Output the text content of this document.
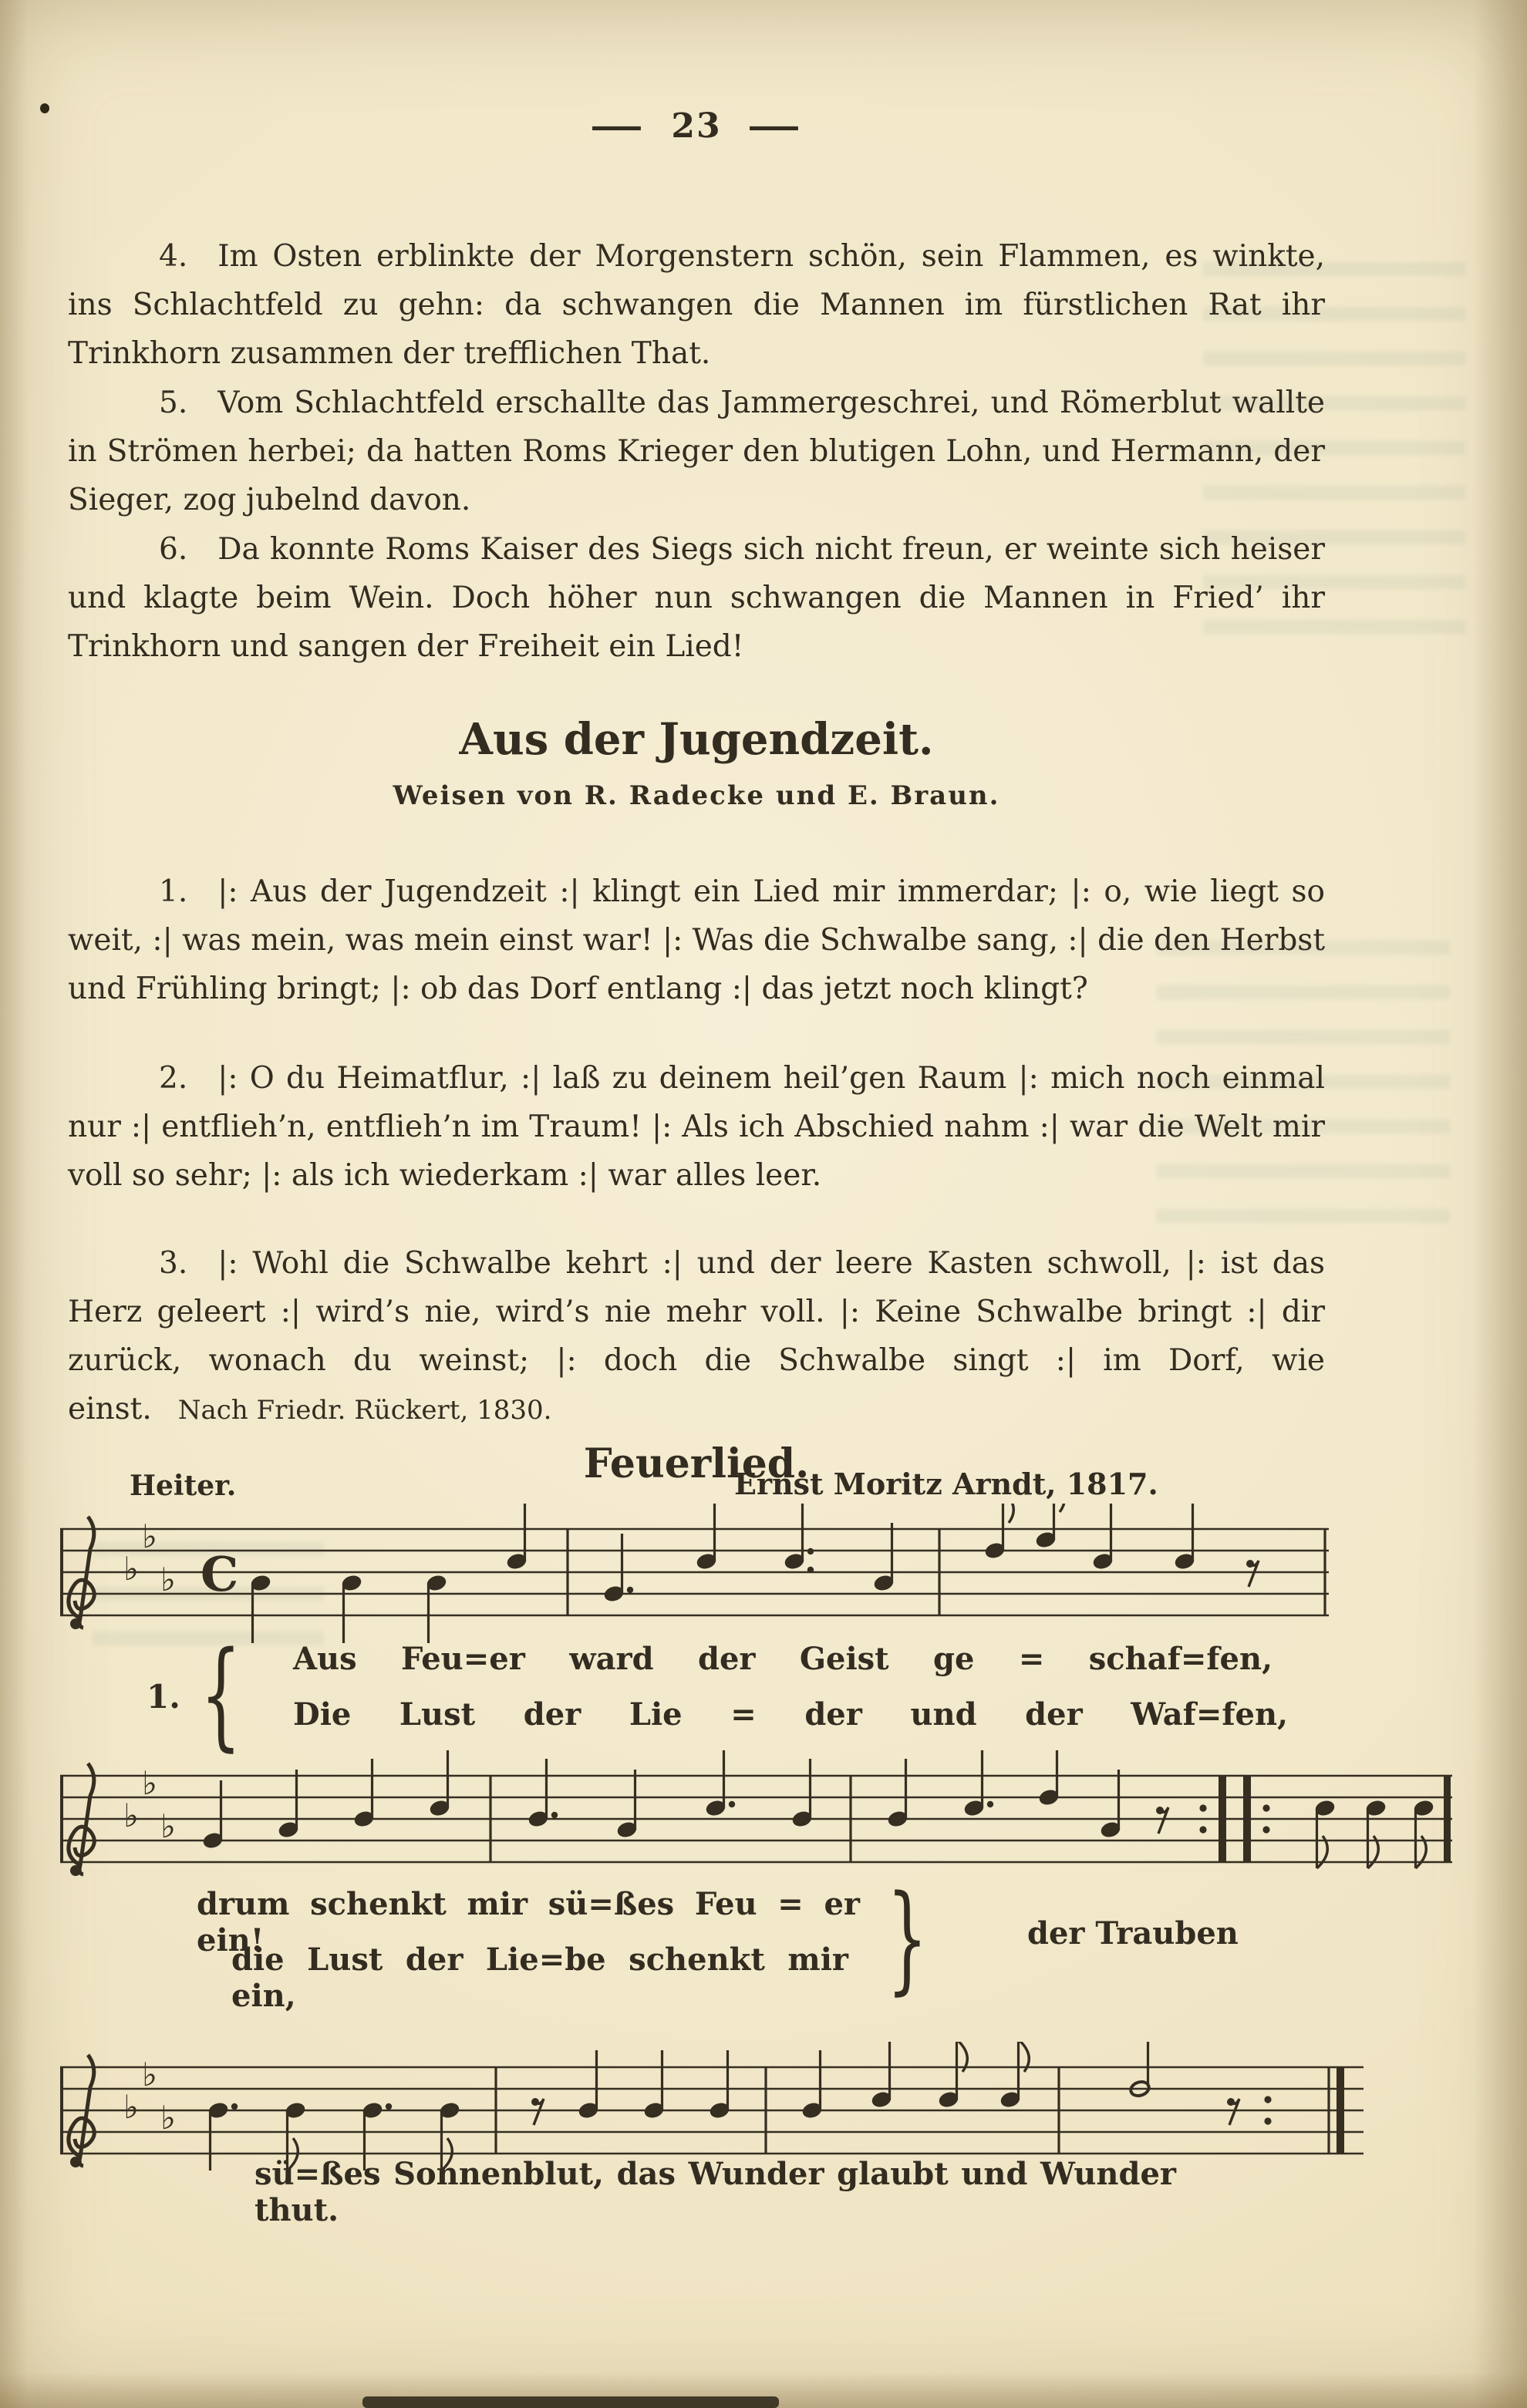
— 23 —

4. Im Osten erblinkte der Morgenstern schön, sein Flammen, es winkte, ins Schlachtfeld zu gehn: da schwangen die Mannen im fürstlichen Rat ihr Trinkhorn zusammen der trefflichen That.

5. Vom Schlachtfeld erschallte das Jammergeschrei, und Römerblut wallte in Strömen herbei; da hatten Roms Krieger den blutigen Lohn, und Hermann, der Sieger, zog jubelnd davon.

6. Da konnte Roms Kaiser des Siegs sich nicht freun, er weinte sich heiser und klagte beim Wein. Doch höher nun schwangen die Mannen in Fried’ ihr Trinkhorn und sangen der Freiheit ein Lied!

Aus der Jugendzeit.
Weisen von R. Radecke und E. Braun.

1. |: Aus der Jugendzeit :| klingt ein Lied mir immerdar; |: o, wie liegt so weit, :| was mein, was mein einst war! |: Was die Schwalbe sang, :| die den Herbst und Frühling bringt; |: ob das Dorf entlang :| das jetzt noch klingt?

2. |: O du Heimatflur, :| laß zu deinem heil’gen Raum |: mich noch einmal nur :| entflieh’n, entflieh’n im Traum! |: Als ich Abschied nahm :| war die Welt mir voll so sehr; |: als ich wiederkam :| war alles leer.

3. |: Wohl die Schwalbe kehrt :| und der leere Kasten schwoll, |: ist das Herz geleert :| wird’s nie, wird’s nie mehr voll. |: Keine Schwalbe bringt :| dir zurück, wonach du weinst; |: doch die Schwalbe singt :| im Dorf, wie einst. Nach Friedr. Rückert, 1830.

Feuerlied.
Heiter.	Ernst Moritz Arndt, 1817.
1. { Aus Feu=er ward der Geist ge = schaf=fen,
Die Lust der Lie = der und der Waf=fen,
drum schenkt mir sü=ßes Feu = er ein!
die Lust der Lie=be schenkt mir ein,	}	der Trauben
sü=ßes Sonnenblut, das Wunder glaubt und Wunder thut.
♭
♭
♭ C
♭
♭
♭
♭
♭
♭
